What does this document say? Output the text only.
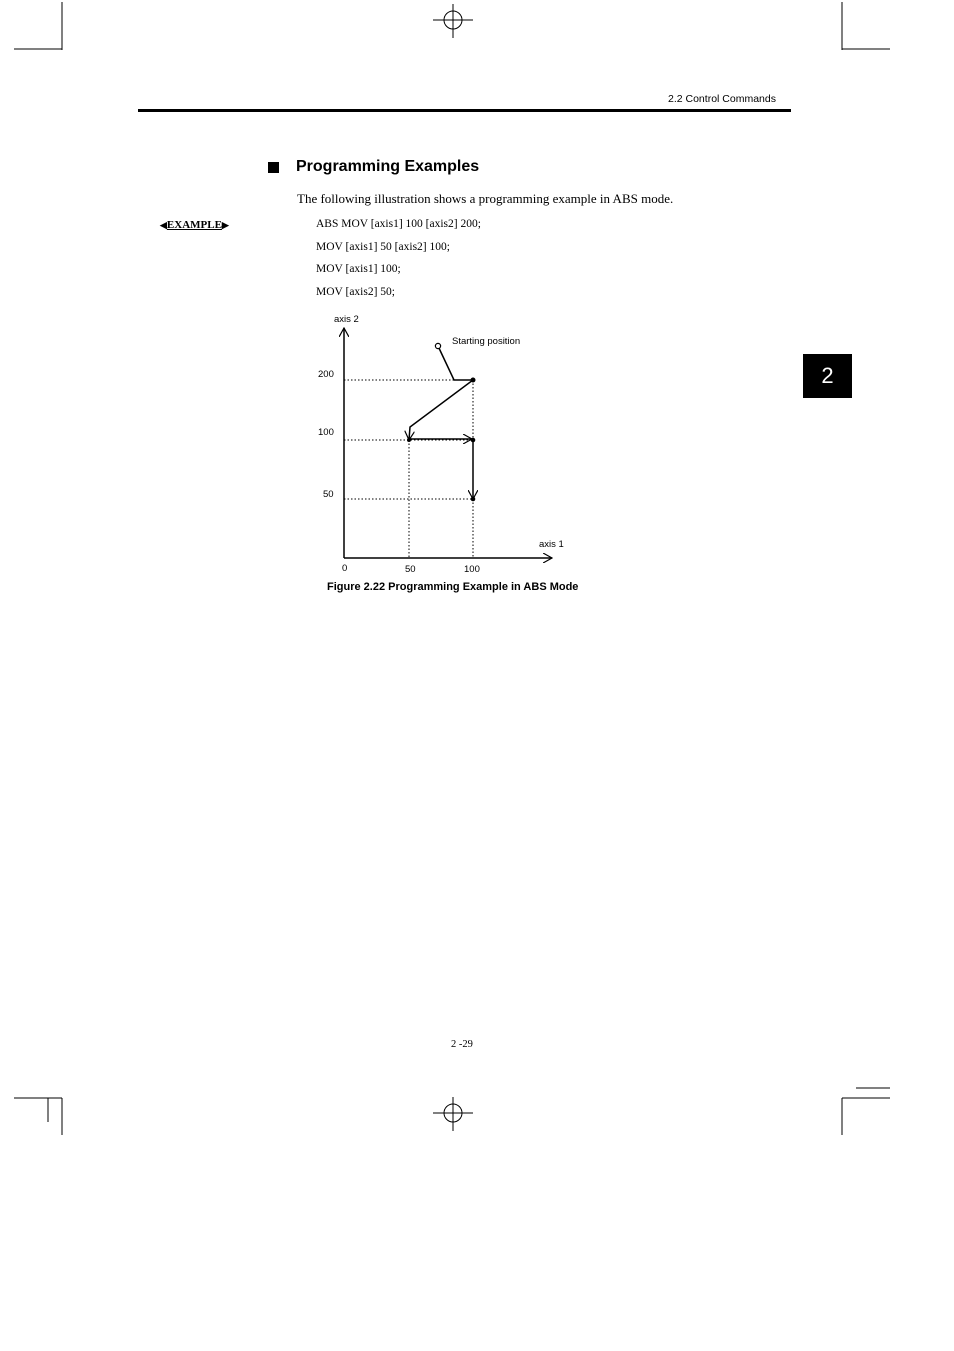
2.2 Control Commands
2
Programming Examples
The following illustration shows a programming example in ABS mode.
◀ EXAMPLE ▶	ABS MOV [axis1] 100 [axis2] 200;
MOV [axis1] 50 [axis2] 100;
MOV [axis1] 100;
MOV [axis2] 50;
axis 2
axis 1
Starting position
200
100
50
0	50	100
Figure 2.22 Programming Example in ABS Mode
2 -29
